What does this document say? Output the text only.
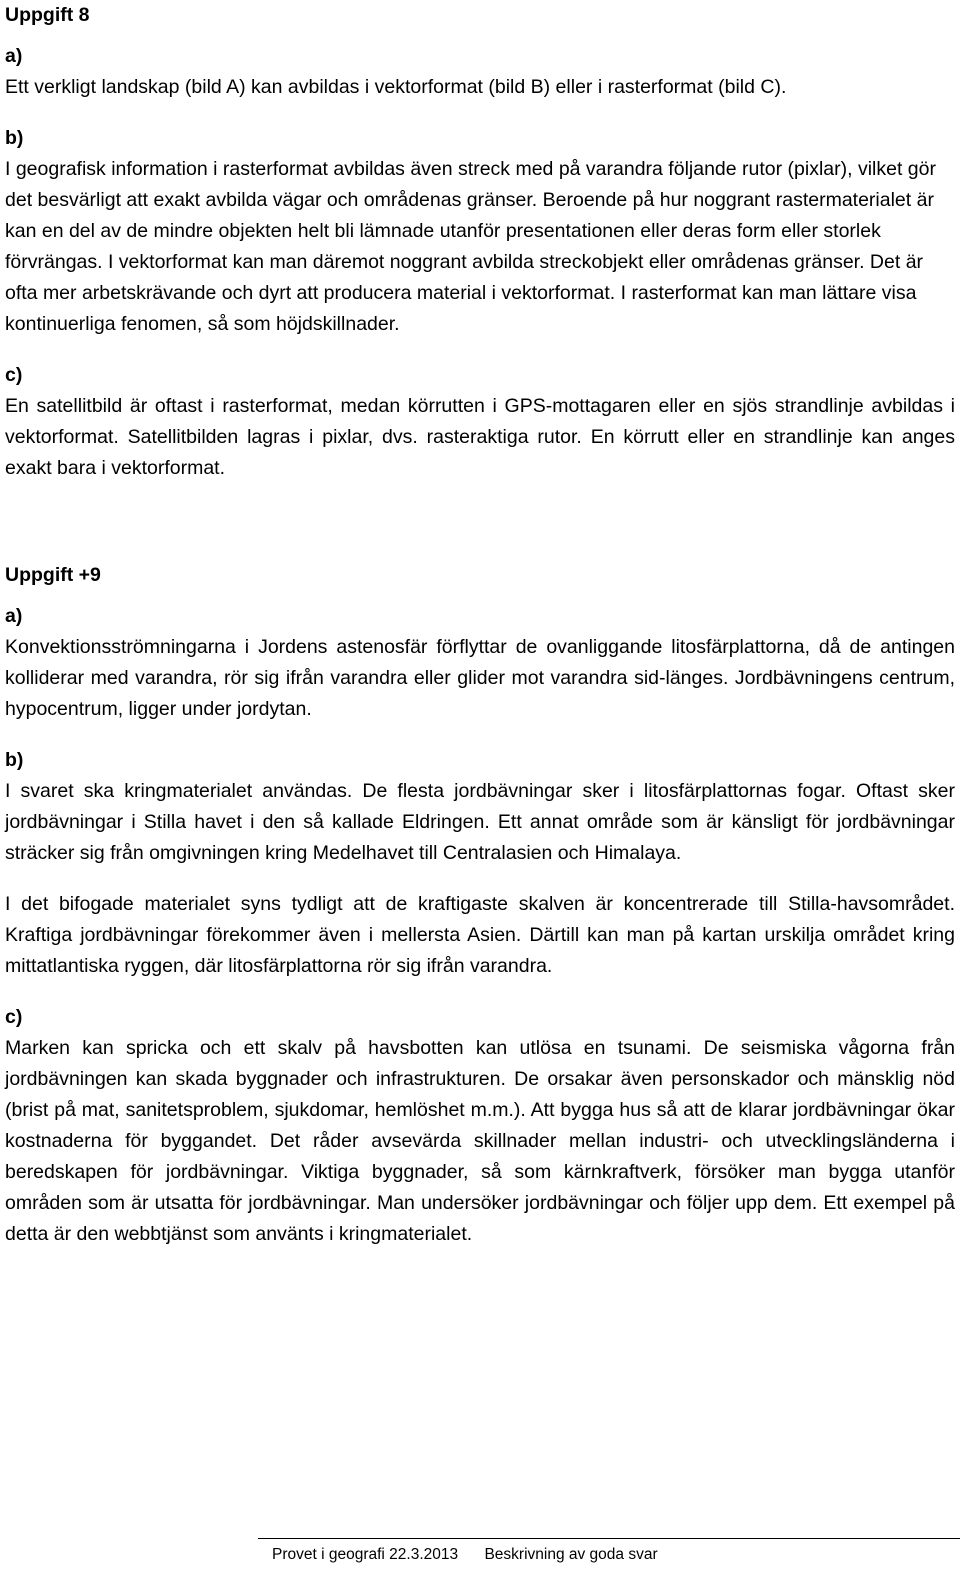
Uppgift 8

a)

Ett verkligt landskap (bild A) kan avbildas i vektorformat (bild B) eller i rasterformat (bild C).

b)

I geografisk information i rasterformat avbildas även streck med på varandra följande rutor (pixlar), vilket gör det besvärligt att exakt avbilda vägar och områdenas gränser. Beroende på hur noggrant rastermaterialet är kan en del av de mindre objekten helt bli lämnade utanför presentationen eller deras form eller storlek förvrängas. I vektorformat kan man däremot noggrant avbilda streckobjekt eller områdenas gränser. Det är ofta mer arbetskrävande och dyrt att producera material i vektorformat. I rasterformat kan man lättare visa kontinuerliga fenomen, så som höjdskillnader.

c)

En satellitbild är oftast i rasterformat, medan körrutten i GPS-mottagaren eller en sjös strandlinje avbildas i vektorformat. Satellitbilden lagras i pixlar, dvs. rasteraktiga rutor. En körrutt eller en strandlinje kan anges exakt bara i vektorformat.

Uppgift +9

a)

Konvektionsströmningarna i Jordens astenosfär förflyttar de ovanliggande litosfärplattorna, då de antingen kolliderar med varandra, rör sig ifrån varandra eller glider mot varandra sid-länges. Jordbävningens centrum, hypocentrum, ligger under jordytan.

b)

I svaret ska kringmaterialet användas. De flesta jordbävningar sker i litosfärplattornas fogar. Oftast sker jordbävningar i Stilla havet i den så kallade Eldringen. Ett annat område som är känsligt för jordbävningar sträcker sig från omgivningen kring Medelhavet till Centralasien och Himalaya.

I det bifogade materialet syns tydligt att de kraftigaste skalven är koncentrerade till Stilla-havsområdet. Kraftiga jordbävningar förekommer även i mellersta Asien. Därtill kan man på kartan urskilja området kring mittatlantiska ryggen, där litosfärplattorna rör sig ifrån varandra.

c)

Marken kan spricka och ett skalv på havsbotten kan utlösa en tsunami. De seismiska vågorna från jordbävningen kan skada byggnader och infrastrukturen. De orsakar även personskador och mänsklig nöd (brist på mat, sanitetsproblem, sjukdomar, hemlöshet m.m.). Att bygga hus så att de klarar jordbävningar ökar kostnaderna för byggandet. Det råder avsevärda skillnader mellan industri- och utvecklingsländerna i beredskapen för jordbävningar. Viktiga byggnader, så som kärnkraftverk, försöker man bygga utanför områden som är utsatta för jordbävningar. Man undersöker jordbävningar och följer upp dem. Ett exempel på detta är den webbtjänst som använts i kringmaterialet.

Provet i geografi 22.3.2013 Beskrivning av goda svar
